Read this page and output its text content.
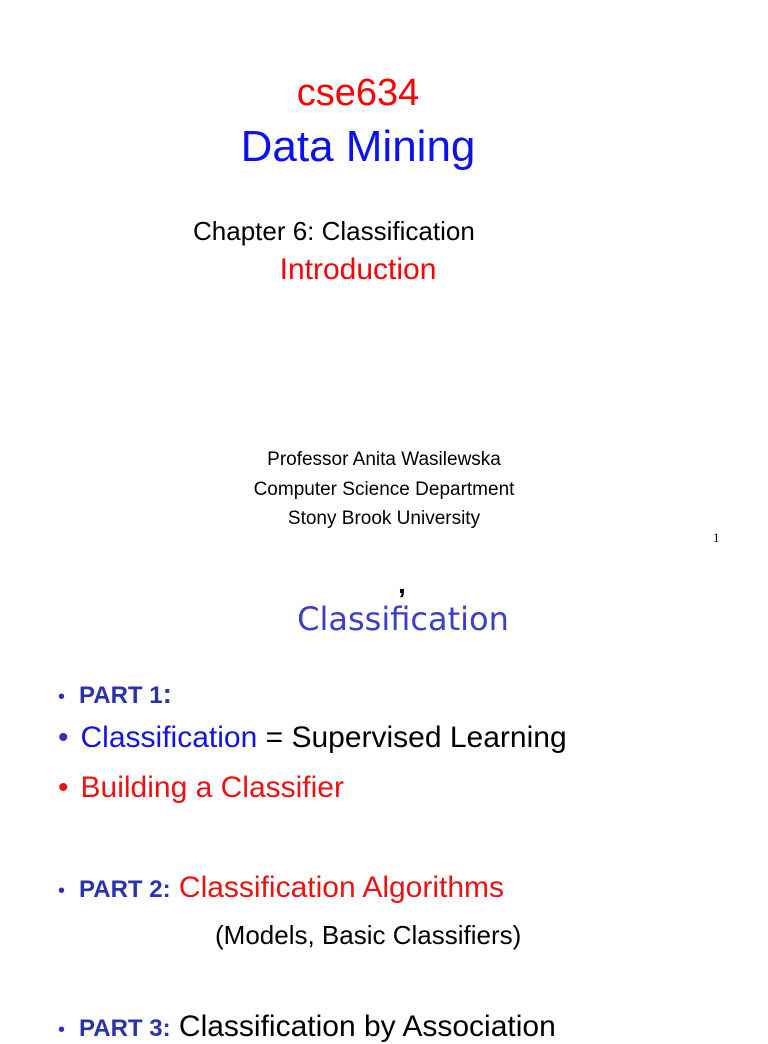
cse634
Data Mining
Chapter 6: Classification
Introduction
Professor Anita Wasilewska
Computer Science Department
Stony Brook University
1
,
Classification
• PART 1:
• Classification = Supervised Learning
• Building a Classifier
• PART 2: Classification Algorithms
(Models, Basic Classifiers)
• PART 3: Classification by Association
